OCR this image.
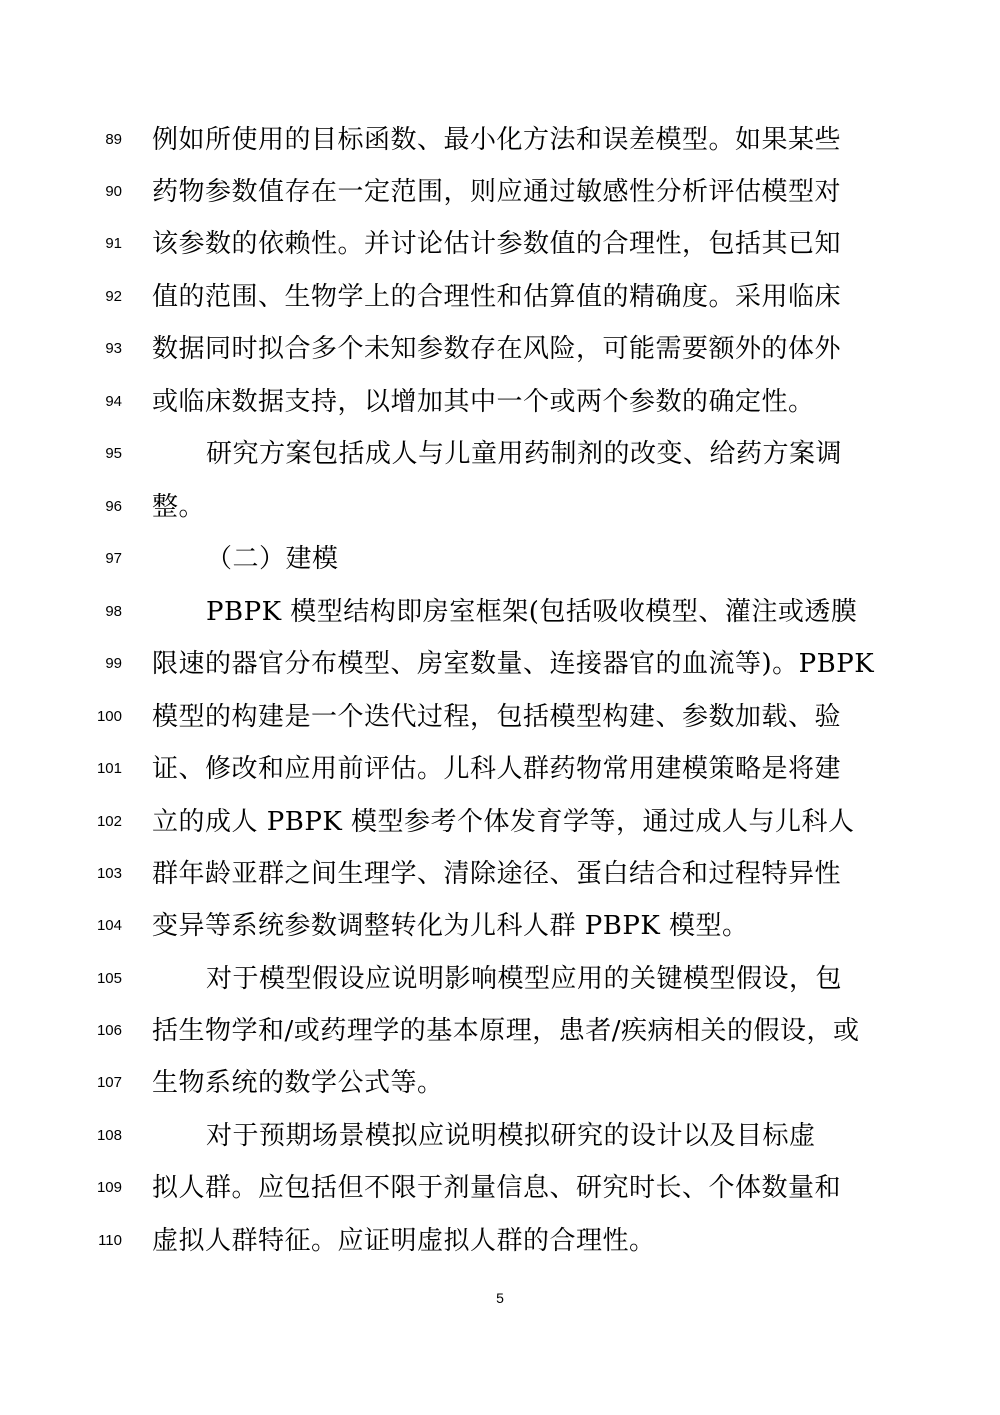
89 例如所使用的目标函数、最小化方法和误差模型。如果某些
90 药物参数值存在一定范围，则应通过敏感性分析评估模型对
91 该参数的依赖性。并讨论估计参数值的合理性，包括其已知
92 值的范围、生物学上的合理性和估算值的精确度。采用临床
93 数据同时拟合多个未知参数存在风险，可能需要额外的体外
94 或临床数据支持，以增加其中一个或两个参数的确定性。
95	研究方案包括成人与儿童用药制剂的改变、给药方案调
96 整。
97	（二）建模
98	PBPK 模型结构即房室框架(包括吸收模型、灌注或透膜
99 限速的器官分布模型、房室数量、连接器官的血流等)。PBPK
100 模型的构建是一个迭代过程，包括模型构建、参数加载、验
101 证、修改和应用前评估。儿科人群药物常用建模策略是将建
102 立的成人 PBPK 模型参考个体发育学等，通过成人与儿科人
103 群年龄亚群之间生理学、清除途径、蛋白结合和过程特异性
104 变异等系统参数调整转化为儿科人群 PBPK 模型。
105	对于模型假设应说明影响模型应用的关键模型假设，包
106 括生物学和/或药理学的基本原理，患者/疾病相关的假设，或
107 生物系统的数学公式等。
108	对于预期场景模拟应说明模拟研究的设计以及目标虚
109 拟人群。应包括但不限于剂量信息、研究时长、个体数量和
110 虚拟人群特征。应证明虚拟人群的合理性。
5
